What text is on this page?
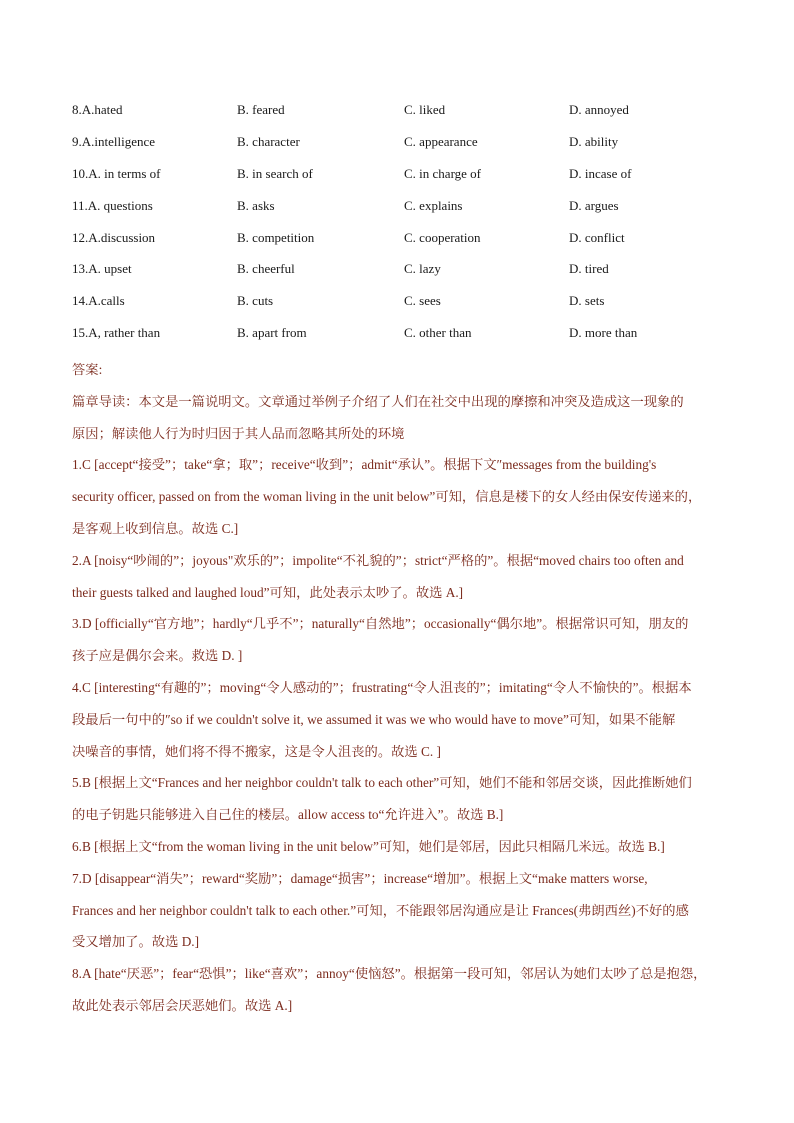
8.A.hated	B. feared	C. liked	D. annoyed
9.A.intelligence	B. character	C. appearance	D. ability
10.A. in terms of	B. in search of	C. in charge of	D. incase of
11.A. questions	B. asks	C. explains	D. argues
12.A.discussion	B. competition	C. cooperation	D. conflict
13.A. upset	B. cheerful	C. lazy	D. tired
14.A.calls	B. cuts	C. sees	D. sets
15.A, rather than	B. apart from	C. other than	D. more than
答案:
篇章导读：本文是一篇说明文。文章通过举例子介绍了人们在社交中出现的摩擦和冲突及造成这一现象的
原因；解读他人行为时归因于其人品而忽略其所处的环境

1.C [accept“接受”；take“拿；取”；receive“收到”；admit“承认”。根据下文″messages from the building's
security officer, passed on from the woman living in the unit below”可知，信息是楼下的女人经由保安传递来的，
是客观上收到信息。故选 C.]

2.A [noisy“吵闹的”；joyous"欢乐的”；impolite“不礼貌的”；strict“严格的”。根据“moved chairs too often and
their guests talked and laughed loud”可知，此处表示太吵了。故选 A.]

3.D [officially“官方地”；hardly“几乎不”；naturally“自然地”；occasionally“偶尔地”。根据常识可知，朋友的
孩子应是偶尔会来。救选 D. ]

4.C [interesting“有趣的”；moving“令人感动的”；frustrating“令人沮丧的”；imitating“令人不愉快的”。根据本
段最后一句中的″so if we couldn't solve it, we assumed it was we who would have to move”可知，如果不能解
决噪音的事情，她们将不得不搬家，这是令人沮丧的。故选 C. ]

5.B [根据上文“Frances and her neighbor couldn't talk to each other”可知，她们不能和邻居交谈，因此推断她们
的电子钥匙只能够进入自己住的楼层。allow access to“允许进入”。故选 B.]

6.B [根据上文“from the woman living in the unit below”可知，她们是邻居，因此只相隔几米远。故选 B.]

7.D [disappear“消失”；reward“奖励”；damage“损害”；increase“增加”。根据上文“make matters worse,
Frances and her neighbor couldn't talk to each other.”可知，不能跟邻居沟通应是让 Frances(弗朗西丝)不好的感
受又增加了。故选 D.]

8.A [hate“厌恶”；fear“恐惧”；like“喜欢”；annoy“使恼怒”。根据第一段可知，邻居认为她们太吵了总是抱怨，
故此处表示邻居会厌恶她们。故选 A.]
